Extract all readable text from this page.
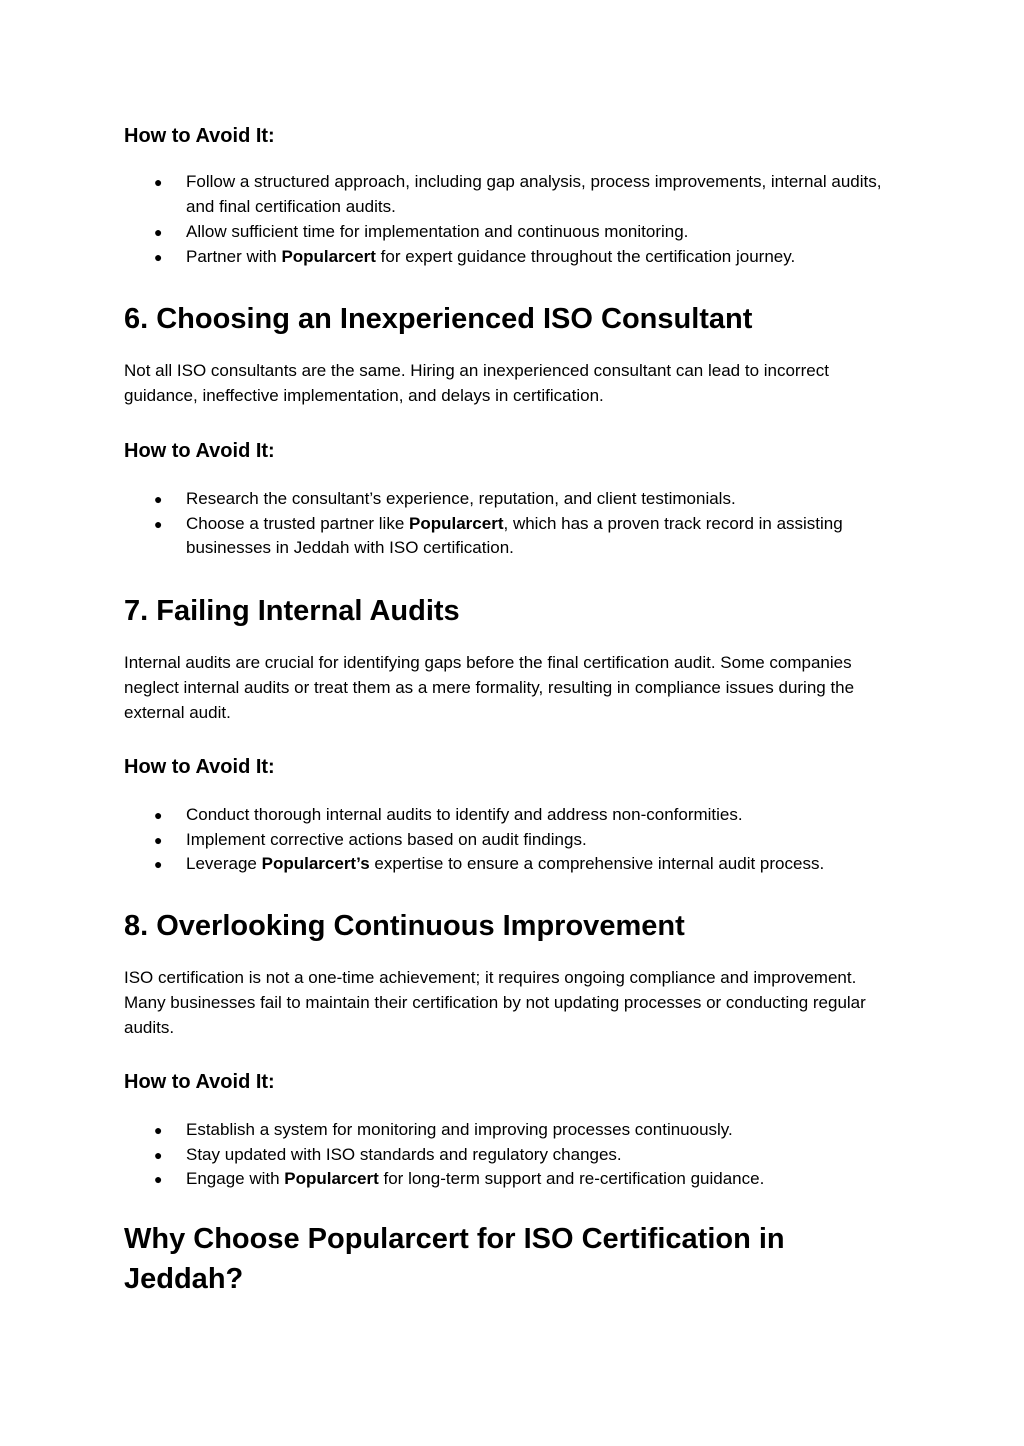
How to Avoid It:
● Follow a structured approach, including gap analysis, process improvements, internal audits, and final certification audits.
● Allow sufficient time for implementation and continuous monitoring.
● Partner with Popularcert for expert guidance throughout the certification journey.
6. Choosing an Inexperienced ISO Consultant

Not all ISO consultants are the same. Hiring an inexperienced consultant can lead to incorrect guidance, ineffective implementation, and delays in certification.

How to Avoid It:
● Research the consultant’s experience, reputation, and client testimonials.
● Choose a trusted partner like Popularcert, which has a proven track record in assisting businesses in Jeddah with ISO certification.
7. Failing Internal Audits

Internal audits are crucial for identifying gaps before the final certification audit. Some companies neglect internal audits or treat them as a mere formality, resulting in compliance issues during the external audit.

How to Avoid It:
● Conduct thorough internal audits to identify and address non-conformities.
● Implement corrective actions based on audit findings.
● Leverage Popularcert’s expertise to ensure a comprehensive internal audit process.
8. Overlooking Continuous Improvement

ISO certification is not a one-time achievement; it requires ongoing compliance and improvement. Many businesses fail to maintain their certification by not updating processes or conducting regular audits.

How to Avoid It:
● Establish a system for monitoring and improving processes continuously.
● Stay updated with ISO standards and regulatory changes.
● Engage with Popularcert for long-term support and re-certification guidance.
Why Choose Popularcert for ISO Certification in Jeddah?
